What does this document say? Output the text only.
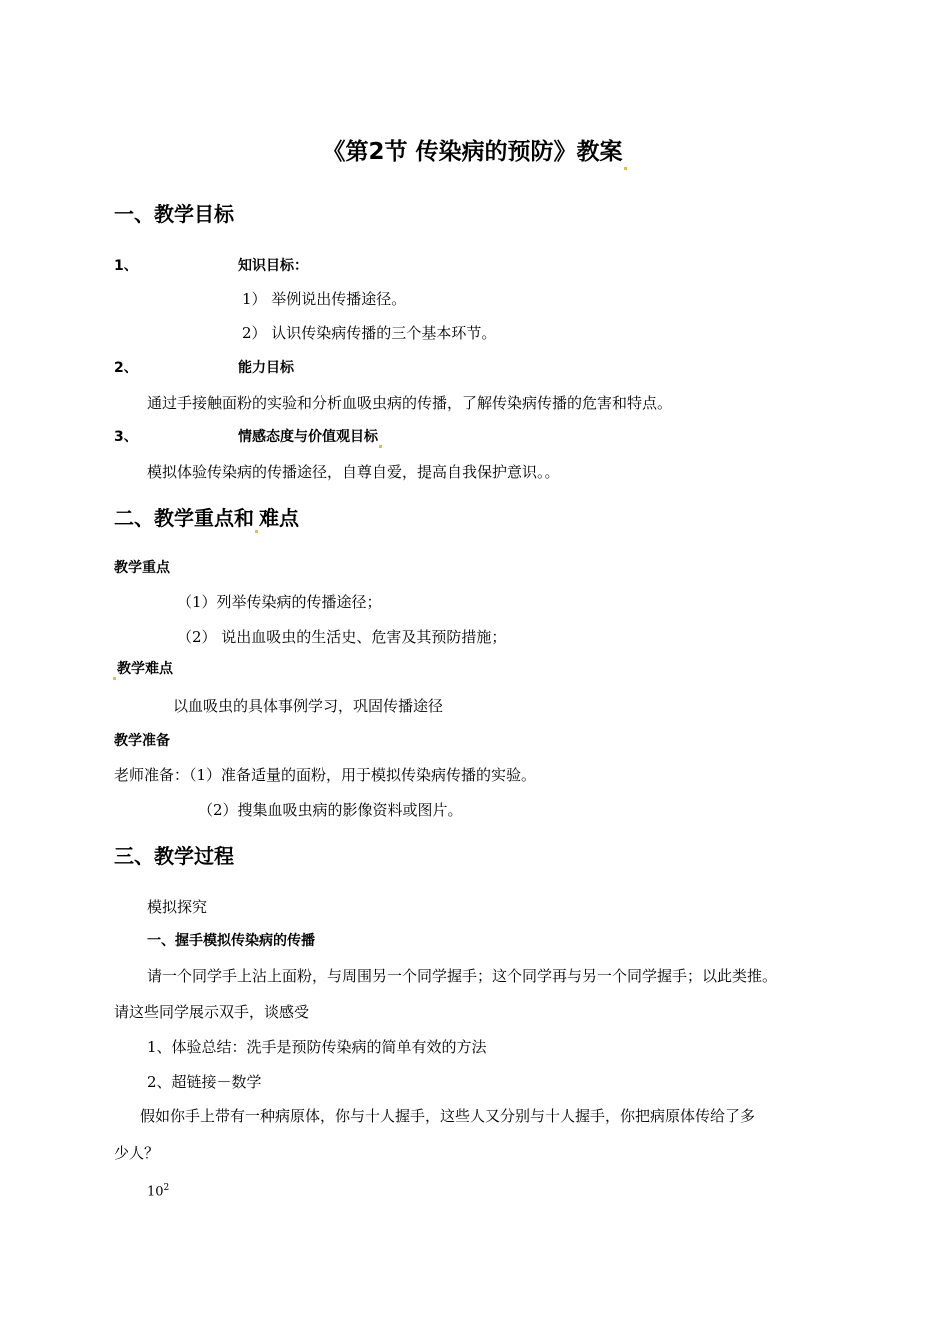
《第2节 传染病的预防》教案
一、教学目标
1、	知识目标：
1） 举例说出传播途径。
2） 认识传染病传播的三个基本环节。
2、	能力目标
通过手接触面粉的实验和分析血吸虫病的传播，了解传染病传播的危害和特点。
3、	情感态度与价值观目标
模拟体验传染病的传播途径，自尊自爱，提高自我保护意识。。
二、教学重点和 难点
教学重点
（1）列举传染病的传播途径；
（2） 说出血吸虫的生活史、危害及其预防措施；
教学难点
以血吸虫的具体事例学习，巩固传播途径
教学准备
老师准备：（1）准备适量的面粉，用于模拟传染病传播的实验。
（2）搜集血吸虫病的影像资料或图片。
三、教学过程
模拟探究
一、握手模拟传染病的传播
请一个同学手上沾上面粉，与周围另一个同学握手；这个同学再与另一个同学握手；以此类推。
请这些同学展示双手，谈感受
1、体验总结：洗手是预防传染病的简单有效的方法
2、超链接－数学
假如你手上带有一种病原体，你与十人握手，这些人又分别与十人握手，你把病原体传给了多
少人？
$10^2$
